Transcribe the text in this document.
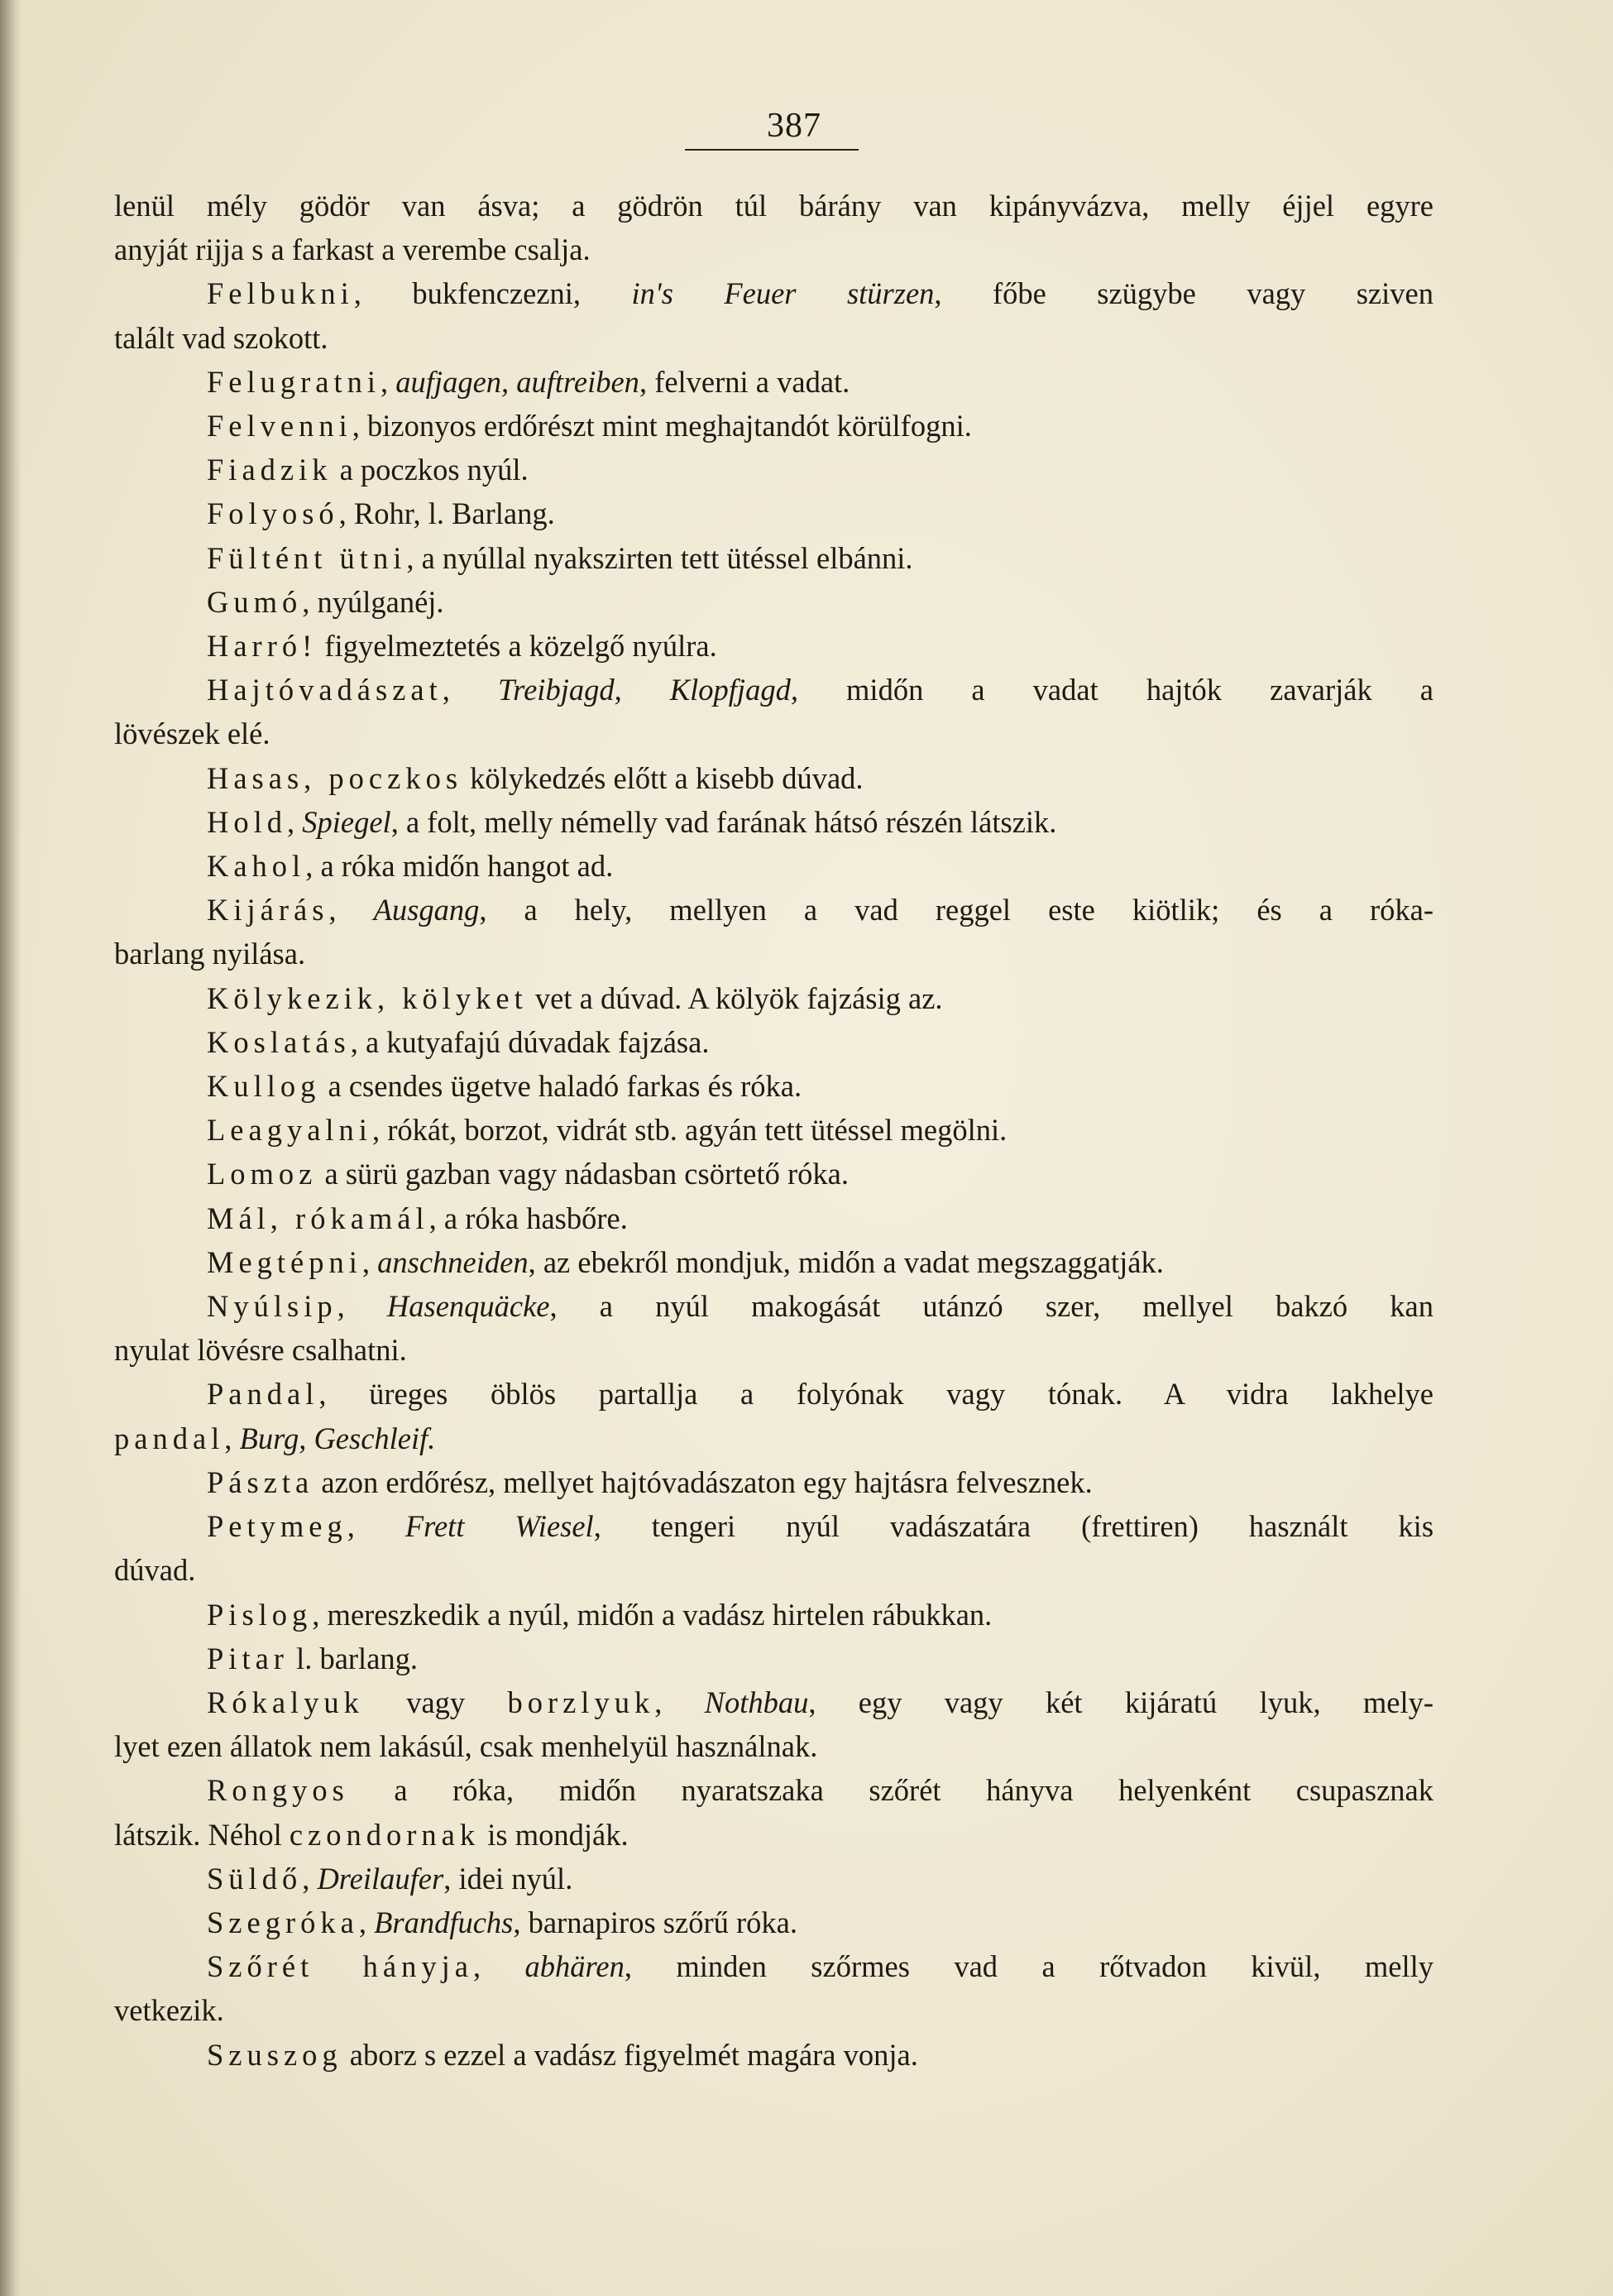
387
lenül mély gödör van ásva; a gödrön túl bárány van kipányvázva, melly éjjel egyre
anyját rijja s a farkast a verembe csalja.
Felbukni, bukfenczezni, in's Feuer stürzen, főbe szügybe vagy sziven
talált vad szokott.
Felugratni, aufjagen, auftreiben, felverni a vadat.
Felvenni, bizonyos erdőrészt mint meghajtandót körülfogni.
Fiadzik a poczkos nyúl.
Folyosó, Rohr, l. Barlang.
Fültént ütni, a nyúllal nyakszirten tett ütéssel elbánni.
Gumó, nyúlganéj.
Harró! figyelmeztetés a közelgő nyúlra.
Hajtóvadászat, Treibjagd, Klopfjagd, midőn a vadat hajtók zavarják a
lövészek elé.
Hasas, poczkos kölykedzés előtt a kisebb dúvad.
Hold, Spiegel, a folt, melly némelly vad farának hátsó részén látszik.
Kahol, a róka midőn hangot ad.
Kijárás, Ausgang, a hely, mellyen a vad reggel este kiötlik; és a róka-
barlang nyilása.
Kölykezik, kölyket vet a dúvad. A kölyök fajzásig az.
Koslatás, a kutyafajú dúvadak fajzása.
Kullog a csendes ügetve haladó farkas és róka.
Leagyalni, rókát, borzot, vidrát stb. agyán tett ütéssel megölni.
Lomoz a sürü gazban vagy nádasban csörtető róka.
Mál, rókamál, a róka hasbőre.
Megtépni, anschneiden, az ebekről mondjuk, midőn a vadat megszaggatják.
Nyúlsip, Hasenquäcke, a nyúl makogását utánzó szer, mellyel bakzó kan
nyulat lövésre csalhatni.
Pandal, üreges öblös partallja a folyónak vagy tónak. A vidra lakhelye
pandal, Burg, Geschleif.
Pászta azon erdőrész, mellyet hajtóvadászaton egy hajtásra felvesznek.
Petymeg, Frett Wiesel, tengeri nyúl vadászatára (frettiren) használt kis
dúvad.
Pislog, mereszkedik a nyúl, midőn a vadász hirtelen rábukkan.
Pitar l. barlang.
Rókalyuk vagy borzlyuk, Nothbau, egy vagy két kijáratú lyuk, mely-
lyet ezen állatok nem lakásúl, csak menhelyül használnak.
Rongyos a róka, midőn nyaratszaka szőrét hányva helyenként csupasznak
látszik. Néhol czondornak is mondják.
Süldő, Dreilaufer, idei nyúl.
Szegróka, Brandfuchs, barnapiros szőrű róka.
Szőrét hányja, abhären, minden szőrmes vad a rőtvadon kivül, melly
vetkezik.
Szuszog aborz s ezzel a vadász figyelmét magára vonja.
